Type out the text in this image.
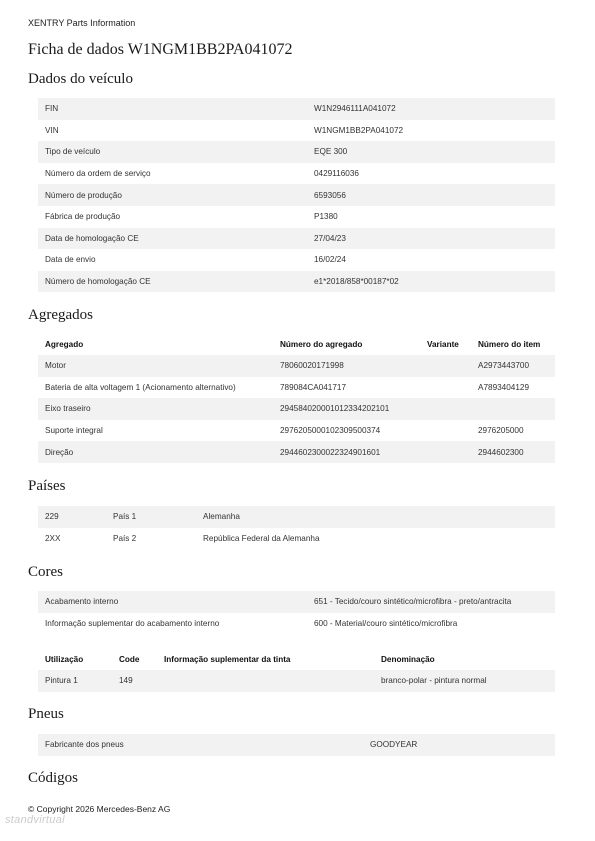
XENTRY Parts Information
Ficha de dados W1NGM1BB2PA041072
Dados do veículo
FIN	W1N2946111A041072
VIN	W1NGM1BB2PA041072
Tipo de veículo	EQE 300
Número da ordem de serviço	0429116036
Número de produção	6593056
Fábrica de produção	P1380
Data de homologação CE	27/04/23
Data de envio	16/02/24
Número de homologação CE	e1*2018/858*00187*02
Agregados
Agregado	Número do agregado	Variante	Número do item
Motor	78060020171998		A2973443700
Bateria de alta voltagem 1 (Acionamento alternativo)	789084CA041717		A7893404129
Eixo traseiro	294584020001012334202101		
Suporte integral	2976205000102309500374		2976205000
Direção	2944602300022324901601		2944602300
Países
229	País 1	Alemanha
2XX	País 2	República Federal da Alemanha
Cores
Acabamento interno	651 - Tecido/couro sintético/microfibra - preto/antracita
Informação suplementar do acabamento interno	600 - Material/couro sintético/microfibra
Utilização	Code	Informação suplementar da tinta	Denominação
Pintura 1	149		branco-polar - pintura normal
Pneus
Fabricante dos pneus	GOODYEAR
Códigos
© Copyright 2026 Mercedes-Benz AG
standvirtual
